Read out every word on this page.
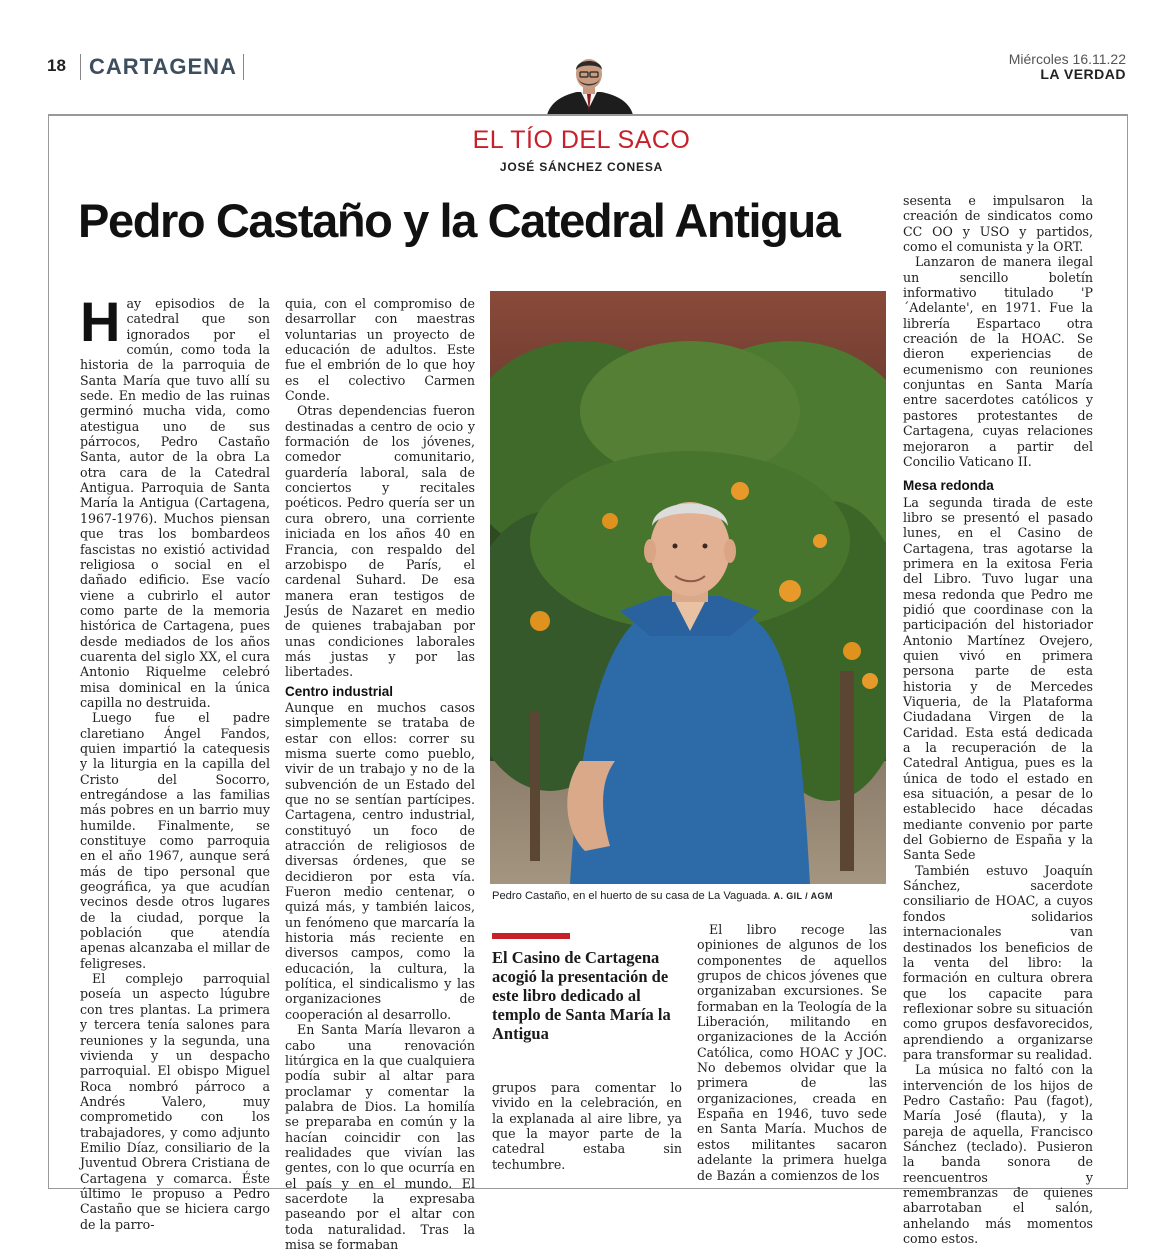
18 CARTAGENA	Miércoles 16.11.22
LA VERDAD
EL TÍO DEL SACO
JOSÉ SÁNCHEZ CONESA
Pedro Castaño y la Catedral Antigua

Hay episodios de la catedral que son ignorados por el común, como toda la historia de la parroquia de Santa María que tuvo allí su sede. En medio de las ruinas germinó mucha vida, como atestigua uno de sus párrocos, Pedro Castaño Santa, autor de la obra La otra cara de la Catedral Antigua. Parroquia de Santa María la Antigua (Cartagena, 1967-1976). Muchos piensan que tras los bombardeos fascistas no existió actividad religiosa o social en el dañado edificio. Ese vacío viene a cubrirlo el autor como parte de la memoria histórica de Cartagena, pues desde mediados de los años cuarenta del siglo XX, el cura Antonio Riquelme celebró misa dominical en la única capilla no destruida.

Luego fue el padre claretiano Ángel Fandos, quien impartió la catequesis y la liturgia en la capilla del Cristo del Socorro, entregándose a las familias más pobres en un barrio muy humilde. Finalmente, se constituye como parroquia en el año 1967, aunque será más de tipo personal que geográfica, ya que acudían vecinos desde otros lugares de la ciudad, porque la población que atendía apenas alcanzaba el millar de feligreses.

El complejo parroquial poseía un aspecto lúgubre con tres plantas. La primera y tercera tenía salones para reuniones y la segunda, una vivienda y un despacho parroquial. El obispo Miguel Roca nombró párroco a Andrés Valero, muy comprometido con los trabajadores, y como adjunto Emilio Díaz, consiliario de la Juventud Obrera Cristiana de Cartagena y comarca. Éste último le propuso a Pedro Castaño que se hiciera cargo de la parro-

quia, con el compromiso de desarrollar con maestras voluntarias un proyecto de educación de adultos. Este fue el embrión de lo que hoy es el colectivo Carmen Conde.

Otras dependencias fueron destinadas a centro de ocio y formación de los jóvenes, comedor comunitario, guardería laboral, sala de conciertos y recitales poéticos. Pedro quería ser un cura obrero, una corriente iniciada en los años 40 en Francia, con respaldo del arzobispo de París, el cardenal Suhard. De esa manera eran testigos de Jesús de Nazaret en medio de quienes trabajaban por unas condiciones laborales más justas y por las libertades.

Centro industrial

Aunque en muchos casos simplemente se trataba de estar con ellos: correr su misma suerte como pueblo, vivir de un trabajo y no de la subvención de un Estado del que no se sentían partícipes. Cartagena, centro industrial, constituyó un foco de atracción de religiosos de diversas órdenes, que se decidieron por esta vía. Fueron medio centenar, o quizá más, y también laicos, un fenómeno que marcaría la historia más reciente en diversos campos, como la educación, la cultura, la política, el sindicalismo y las organizaciones de cooperación al desarrollo.

En Santa María llevaron a cabo una renovación litúrgica en la que cualquiera podía subir al altar para proclamar y comentar la palabra de Dios. La homilía se preparaba en común y la hacían coincidir con las realidades que vivían las gentes, con lo que ocurría en el país y en el mundo. El sacerdote la expresaba paseando por el altar con toda naturalidad. Tras la misa se formaban

Pedro Castaño, en el huerto de su casa de La Vaguada. A. GIL / AGM
El Casino de Cartagena acogió la presentación de este libro dedicado al templo de Santa María la Antigua

grupos para comentar lo vivido en la celebración, en la explanada al aire libre, ya que la mayor parte de la catedral estaba sin techumbre.

El libro recoge las opiniones de algunos de los componentes de aquellos grupos de chicos jóvenes que organizaban excursiones. Se formaban en la Teología de la Liberación, militando en organizaciones de la Acción Católica, como HOAC y JOC. No debemos olvidar que la primera de las organizaciones, creada en España en 1946, tuvo sede en Santa María. Muchos de estos militantes sacaron adelante la primera huelga de Bazán a comienzos de los

sesenta e impulsaron la creación de sindicatos como CC OO y USO y partidos, como el comunista y la ORT.

Lanzaron de manera ilegal un sencillo boletín informativo titulado 'P´Adelante', en 1971. Fue la librería Espartaco otra creación de la HOAC. Se dieron experiencias de ecumenismo con reuniones conjuntas en Santa María entre sacerdotes católicos y pastores protestantes de Cartagena, cuyas relaciones mejoraron a partir del Concilio Vaticano II.

Mesa redonda

La segunda tirada de este libro se presentó el pasado lunes, en el Casino de Cartagena, tras agotarse la primera en la exitosa Feria del Libro. Tuvo lugar una mesa redonda que Pedro me pidió que coordinase con la participación del historiador Antonio Martínez Ovejero, quien vivó en primera persona parte de esta historia y de Mercedes Viqueria, de la Plataforma Ciudadana Virgen de la Caridad. Esta está dedicada a la recuperación de la Catedral Antigua, pues es la única de todo el estado en esa situación, a pesar de lo establecido hace décadas mediante convenio por parte del Gobierno de España y la Santa Sede

También estuvo Joaquín Sánchez, sacerdote consiliario de HOAC, a cuyos fondos solidarios internacionales van destinados los beneficios de la venta del libro: la formación en cultura obrera que los capacite para reflexionar sobre su situación como grupos desfavorecidos, aprendiendo a organizarse para transformar su realidad.

La música no faltó con la intervención de los hijos de Pedro Castaño: Pau (fagot), María José (flauta), y la pareja de aquella, Francisco Sánchez (teclado). Pusieron la banda sonora de reencuentros y remembranzas de quienes abarrotaban el salón, anhelando más momentos como estos.
